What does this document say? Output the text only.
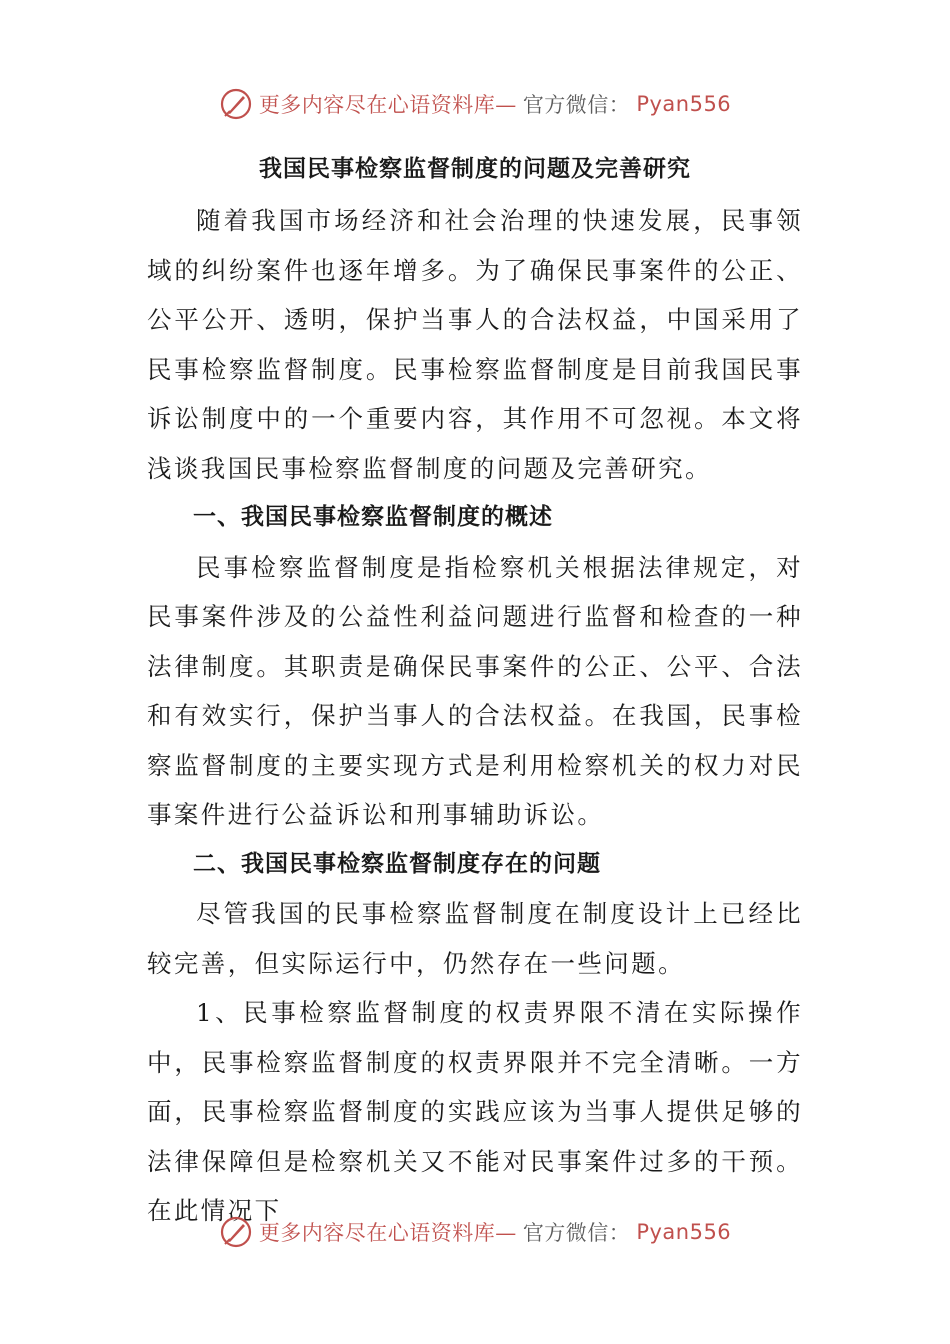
更多内容尽在心语资料库— 官方微信： Pyan556
我国民事检察监督制度的问题及完善研究

随着我国市场经济和社会治理的快速发展，民事领域的纠纷案件也逐年增多。为了确保民事案件的公正、公平公开、透明，保护当事人的合法权益，中国采用了民事检察监督制度。民事检察监督制度是目前我国民事诉讼制度中的一个重要内容，其作用不可忽视。本文将浅谈我国民事检察监督制度的问题及完善研究。

一、我国民事检察监督制度的概述

民事检察监督制度是指检察机关根据法律规定，对民事案件涉及的公益性利益问题进行监督和检查的一种法律制度。其职责是确保民事案件的公正、公平、合法和有效实行，保护当事人的合法权益。在我国，民事检察监督制度的主要实现方式是利用检察机关的权力对民事案件进行公益诉讼和刑事辅助诉讼。

二、我国民事检察监督制度存在的问题

尽管我国的民事检察监督制度在制度设计上已经比较完善，但实际运行中，仍然存在一些问题。

1、民事检察监督制度的权责界限不清在实际操作中，民事检察监督制度的权责界限并不完全清晰。一方面，民事检察监督制度的实践应该为当事人提供足够的法律保障但是检察机关又不能对民事案件过多的干预。在此情况下

更多内容尽在心语资料库— 官方微信： Pyan556
